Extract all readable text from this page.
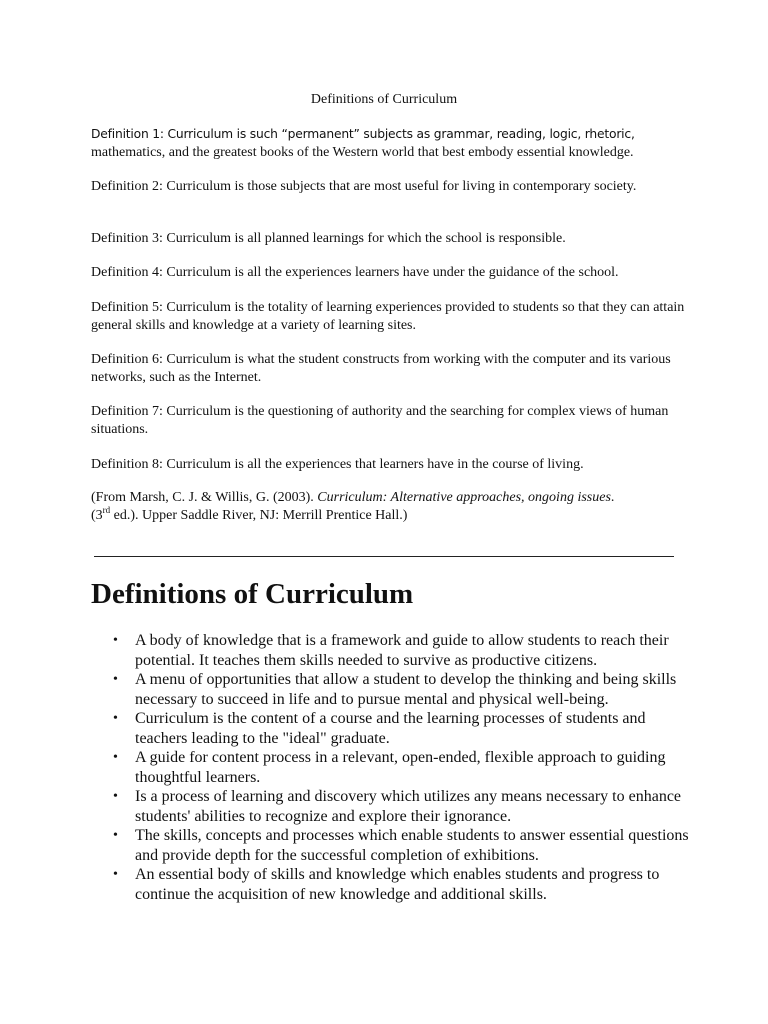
Definitions of Curriculum
Definition 1: Curriculum is such “permanent” subjects as grammar, reading, logic, rhetoric,
mathematics, and the greatest books of the Western world that best embody essential knowledge.
Definition 2: Curriculum is those subjects that are most useful for living in contemporary society.
Definition 3: Curriculum is all planned learnings for which the school is responsible.
Definition 4: Curriculum is all the experiences learners have under the guidance of the school.
Definition 5: Curriculum is the totality of learning experiences provided to students so that they can attain general skills and knowledge at a variety of learning sites.
Definition 6: Curriculum is what the student constructs from working with the computer and its various networks, such as the Internet.
Definition 7: Curriculum is the questioning of authority and the searching for complex views of human situations.
Definition 8: Curriculum is all the experiences that learners have in the course of living.
(From Marsh, C. J. & Willis, G. (2003). Curriculum: Alternative approaches, ongoing issues.
(3rd ed.). Upper Saddle River, NJ: Merrill Prentice Hall.)
Definitions of Curriculum
• A body of knowledge that is a framework and guide to allow students to reach their potential. It teaches them skills needed to survive as productive citizens.
• A menu of opportunities that allow a student to develop the thinking and being skills necessary to succeed in life and to pursue mental and physical well-being.
• Curriculum is the content of a course and the learning processes of students and teachers leading to the "ideal" graduate.
• A guide for content process in a relevant, open-ended, flexible approach to guiding thoughtful learners.
• Is a process of learning and discovery which utilizes any means necessary to enhance students' abilities to recognize and explore their ignorance.
• The skills, concepts and processes which enable students to answer essential questions and provide depth for the successful completion of exhibitions.
• An essential body of skills and knowledge which enables students and progress to continue the acquisition of new knowledge and additional skills.
